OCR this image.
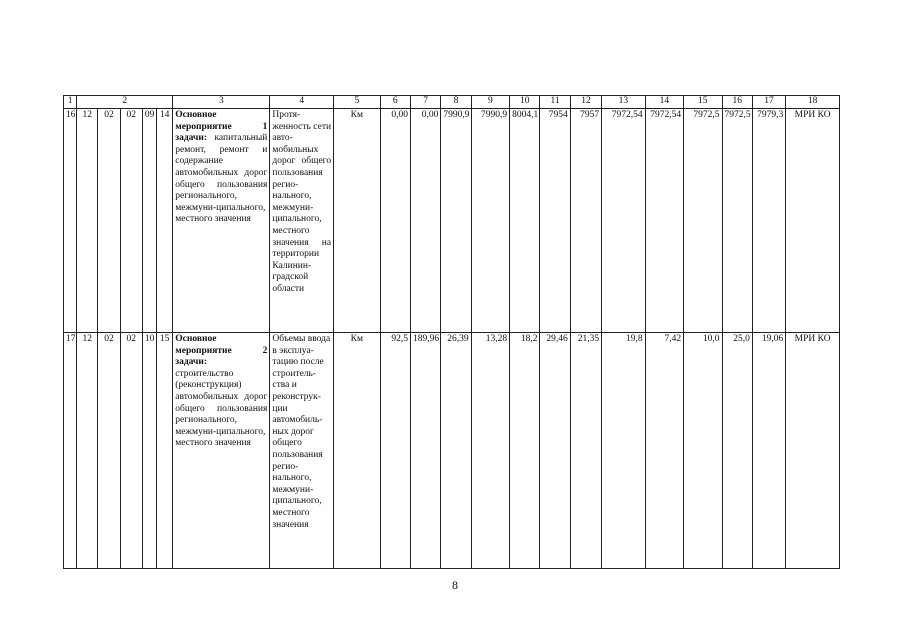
1	2					3	4	5	6	7	8	9	10	11	12	13	14	15	16	17	18
16	12	02	02	09	14	Основное мероприятие 1 задачи: капитальный ремонт, ремонт и содержание автомобильных дорог общего пользования регионального, межмуни-ципального, местного значения	Протя-женность сети авто-мобильных дорог общего пользования регио-нального, межмуни-ципального, местного значения на территории Калинин-градской области	Км	0,00	0,00	7990,9	7990,9	8004,1	7954	7957	7972,54	7972,54	7972,5	7972,5	7979,3	МРИ КО
17	12	02	02	10	15	Основное мероприятие 2 задачи: строительство (реконструкция) автомобильных дорог общего пользования регионального, межмуни-ципального, местного значения	Объемы ввода в эксплуа-тацию после строитель-ства и реконструк-ции автомобиль-ных дорог общего пользования регио-нального, межмуни-ципального, местного значения	Км	92,5	189,96	26,39	13,28	18,2	29,46	21,35	19,8	7,42	10,0	25,0	19,06	МРИ КО
8
